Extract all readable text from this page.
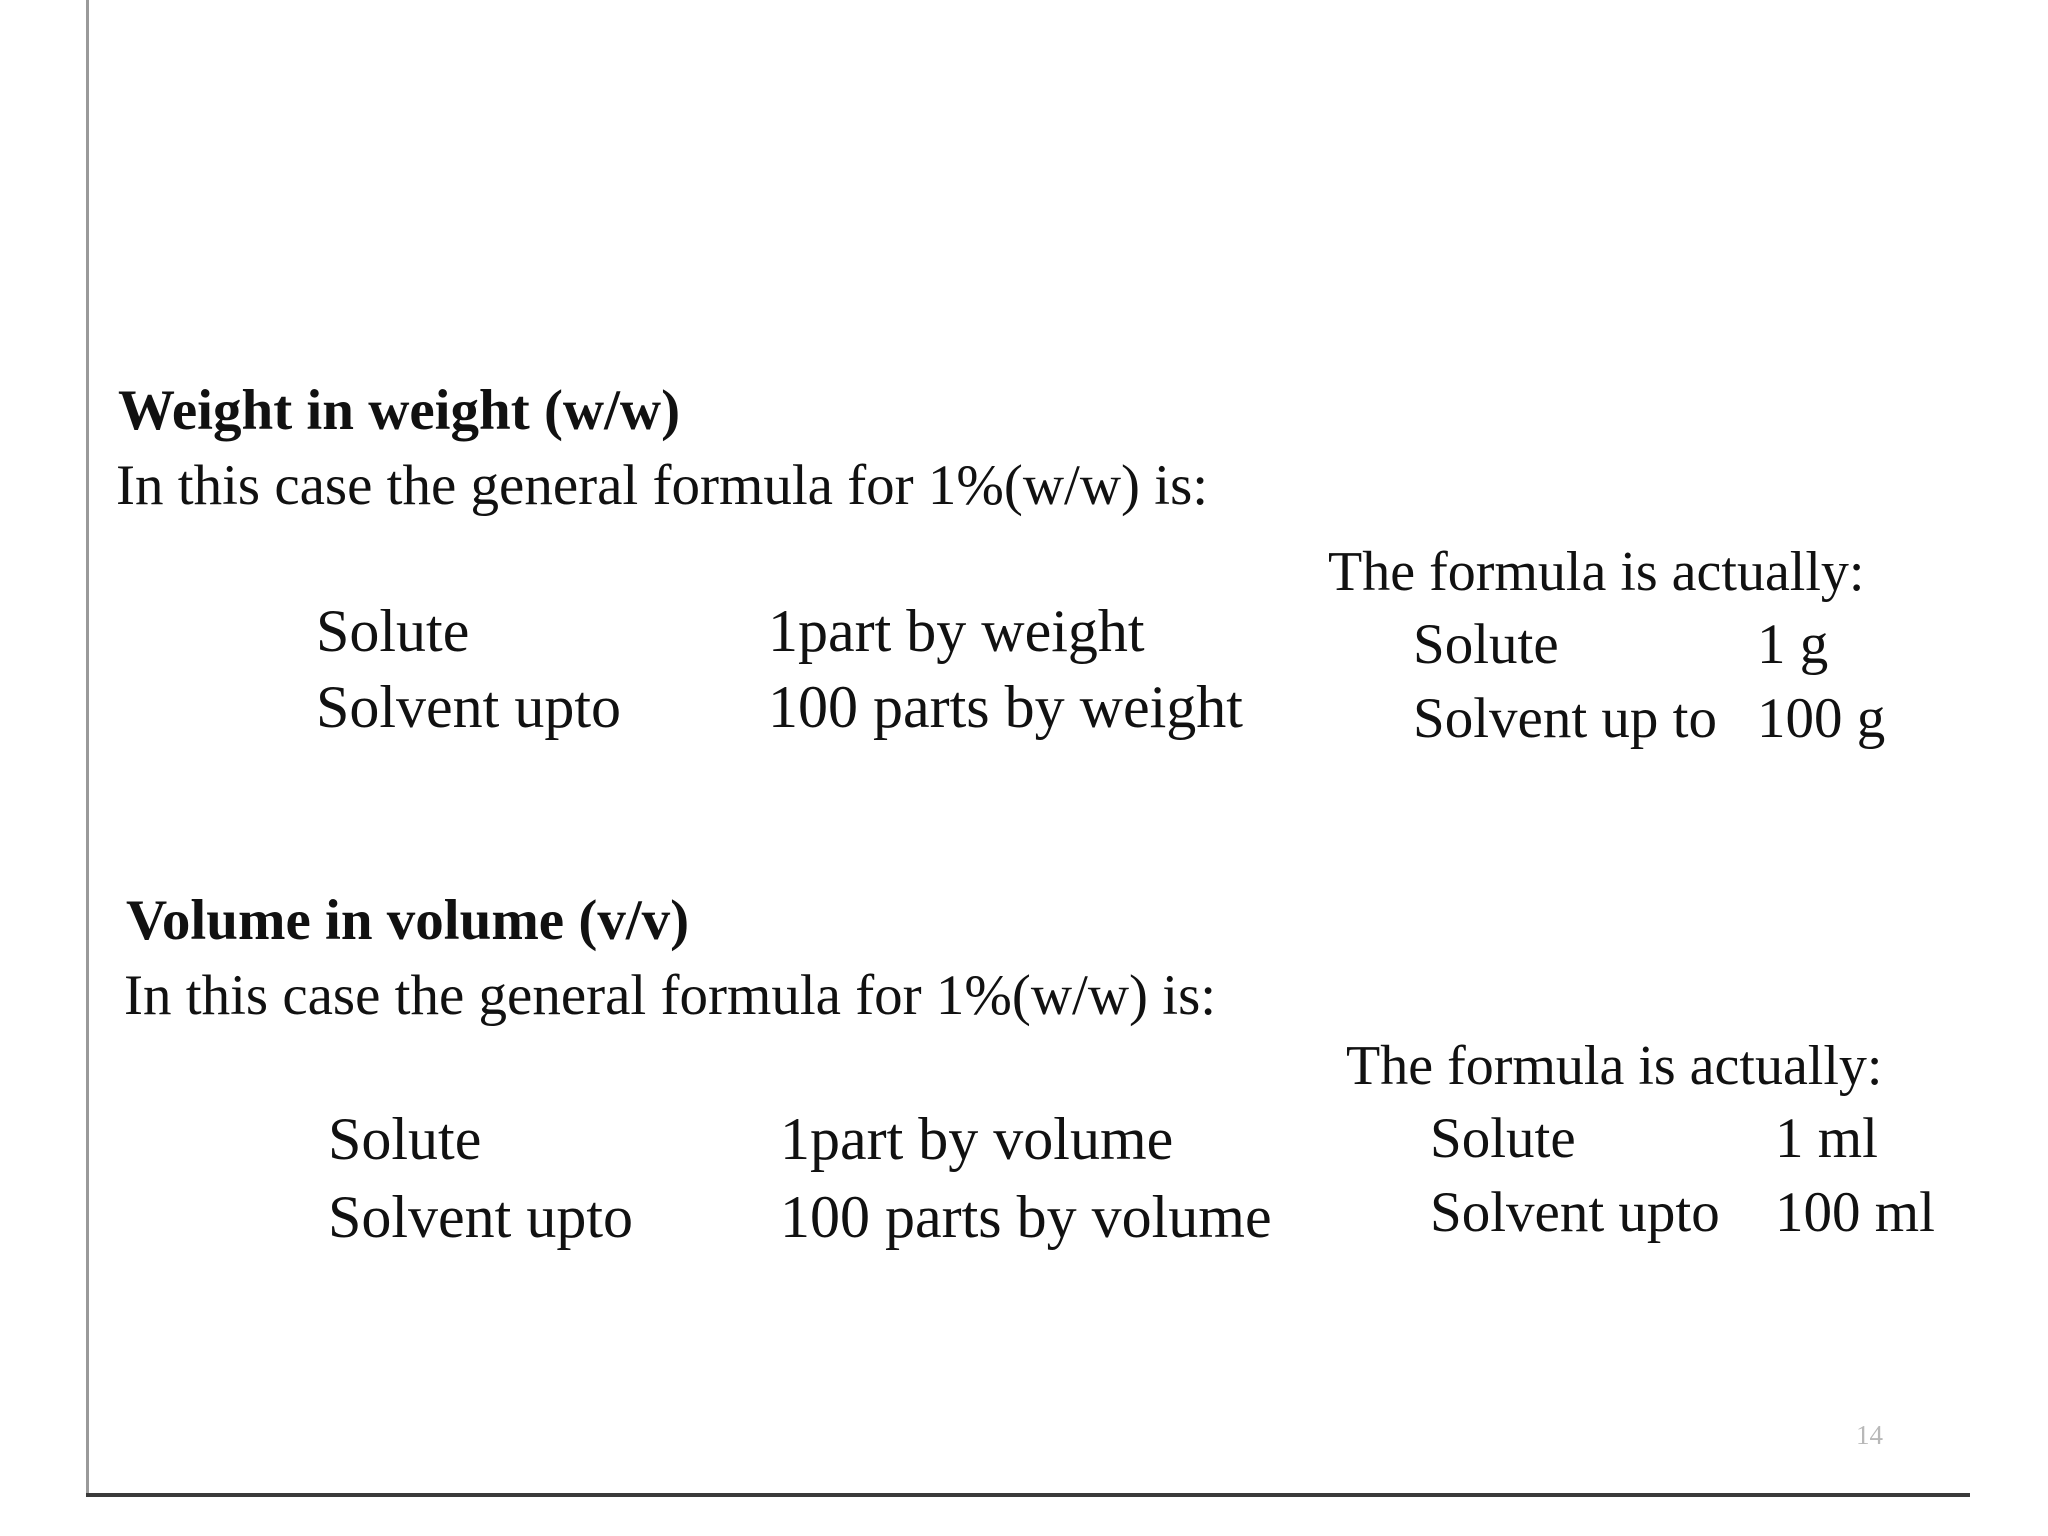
Weight in weight (w/w)
In this case the general formula for 1%(w/w) is:
Solute	1part by weight
Solvent upto 100 parts by weight
The formula is actually:
Solute	1 g
Solvent up to 100 g
Volume in volume (v/v)
In this case the general formula for 1%(w/w) is:
Solute	1part by volume
Solvent upto 100 parts by volume
The formula is actually:
Solute	1 ml
Solvent upto 100 ml
14
